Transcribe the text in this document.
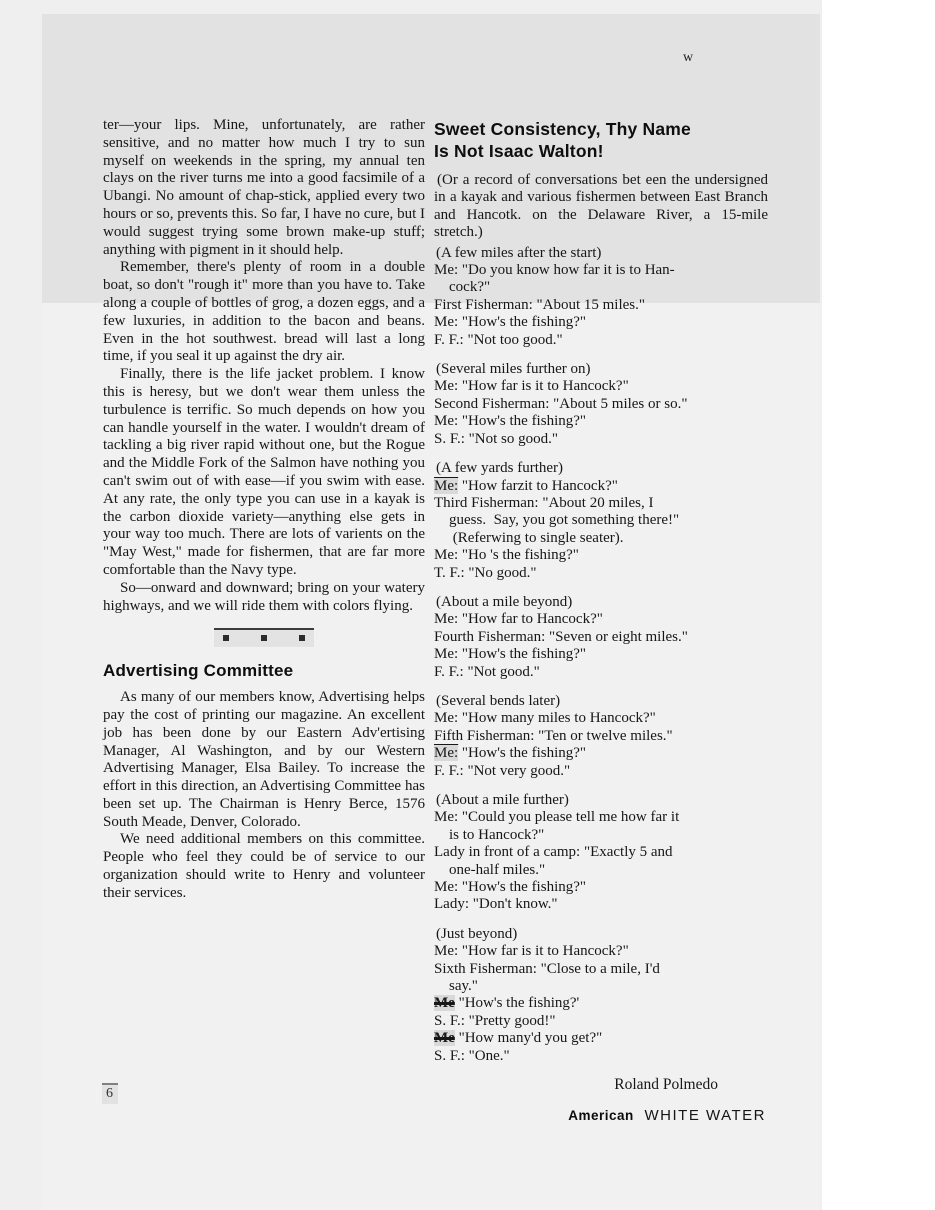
w

ter—your lips. Mine, unfortunately, are rather sensitive, and no matter how much I try to sun myself on weekends in the spring, my annual ten clays on the river turns me into a good facsimile of a Ubangi. No amount of chap-stick, applied every two hours or so, prevents this. So far, I have no cure, but I would suggest trying some brown make-up stuff; anything with pigment in it should help.

Remember, there's plenty of room in a double boat, so don't "rough it" more than you have to. Take along a couple of bottles of grog, a dozen eggs, and a few luxuries, in addition to the bacon and beans. Even in the hot southwest. bread will last a long time, if you seal it up against the dry air.

Finally, there is the life jacket problem. I know this is heresy, but we don't wear them unless the turbulence is terrific. So much depends on how you can handle yourself in the water. I wouldn't dream of tackling a big river rapid without one, but the Rogue and the Middle Fork of the Salmon have nothing you can't swim out of with ease—if you swim with ease. At any rate, the only type you can use in a kayak is the carbon dioxide variety—anything else gets in your way too much. There are lots of varients on the "May West," made for fishermen, that are far more comfortable than the Navy type.

So—onward and downward; bring on your watery highways, and we will ride them with colors flying.

Advertising Committee

As many of our members know, Advertising helps pay the cost of printing our magazine. An excellent job has been done by our Eastern Adv'ertising Manager, Al Washington, and by our Western Advertising Manager, Elsa Bailey. To increase the effort in this direction, an Advertising Committee has been set up. The Chairman is Henry Berce, 1576 South Meade, Denver, Colorado.

We need additional members on this committee. People who feel they could be of service to our organization should write to Henry and volunteer their services.

Sweet Consistency, Thy Name
Is Not Isaac Walton!

(Or a record of conversations bet een the undersigned in a kayak and various fishermen between East Branch and Hancotk. on the Delaware River, a 15-mile stretch.)

(A few miles after the start)
Me: "Do you know how far it is to Han-
cock?"
First Fisherman: "About 15 miles."
Me: "How's the fishing?"
F. F.: "Not too good."
(Several miles further on)
Me: "How far is it to Hancock?"
Second Fisherman: "About 5 miles or so."
Me: "How's the fishing?"
S. F.: "Not so good."
(A few yards further)
Me: "How farzit to Hancock?"
Third Fisherman: "About 20 miles, I
guess.  Say, you got something there!"
(Referwing to single seater).
Me: "Ho 's the fishing?"
T. F.: "No good."
(About a mile beyond)
Me: "How far to Hancock?"
Fourth Fisherman: "Seven or eight miles."
Me: "How's the fishing?"
F. F.: "Not good."
(Several bends later)
Me: "How many miles to Hancock?"
Fifth Fisherman: "Ten or twelve miles."
Me: "How's the fishing?"
F. F.: "Not very good."
(About a mile further)
Me: "Could you please tell me how far it
is to Hancock?"
Lady in front of a camp: "Exactly 5 and
one-half miles."
Me: "How's the fishing?"
Lady: "Don't know."
(Just beyond)
Me: "How far is it to Hancock?"
Sixth Fisherman: "Close to a mile, I'd
say."
Me "How's the fishing?'
S. F.: "Pretty good!"
Me "How many'd you get?"
S. F.: "One."
Roland Polmedo
American WHITE WATER
6
